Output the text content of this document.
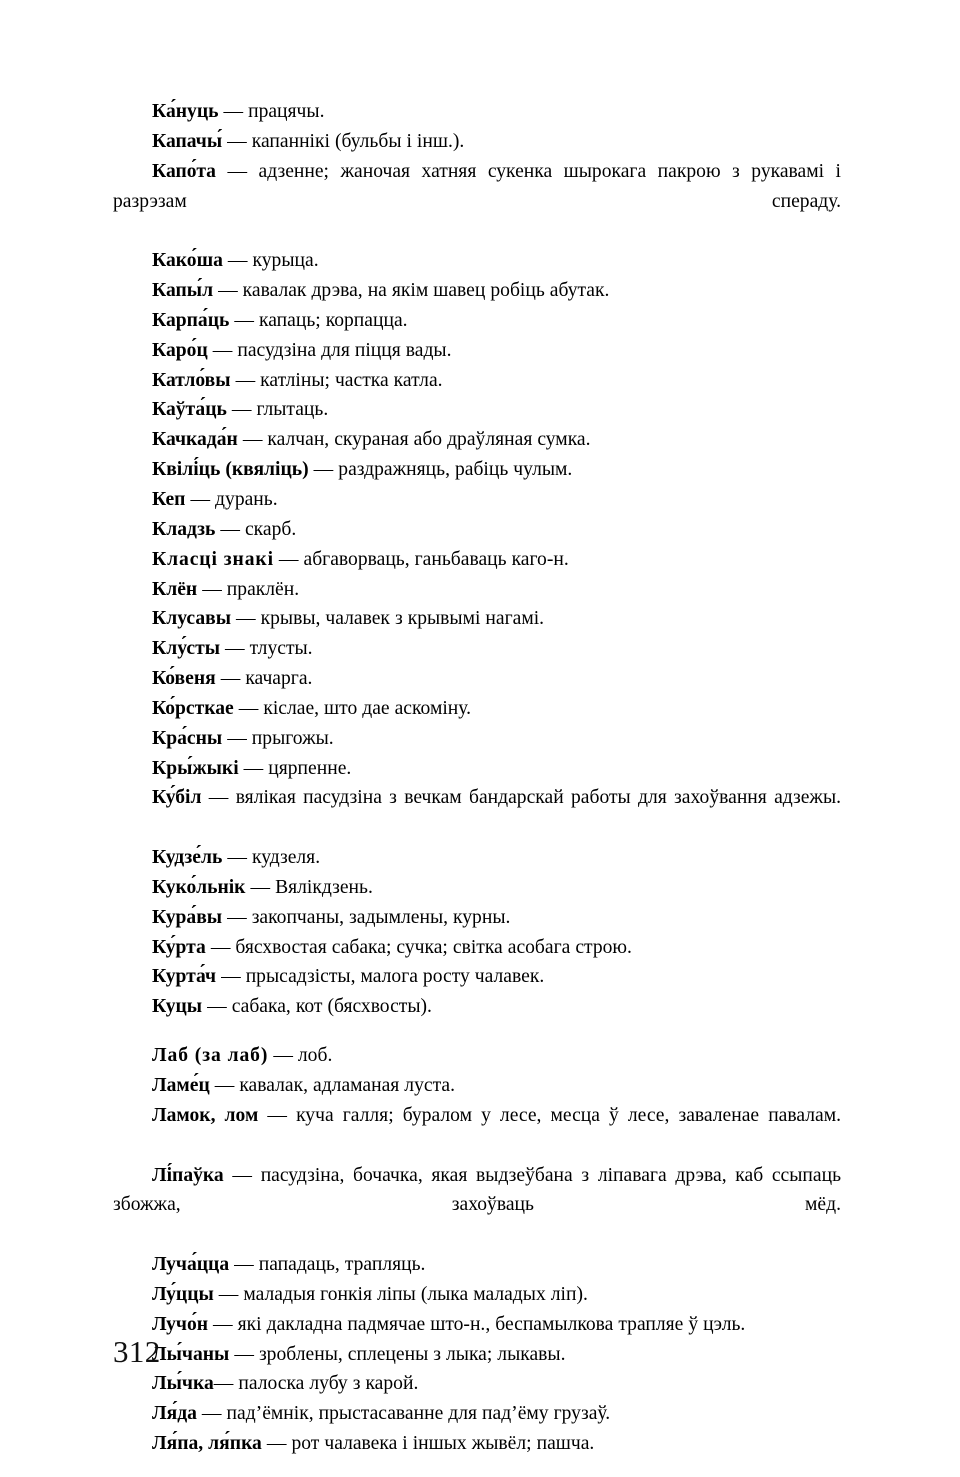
Ка́нуць — працячы.

Капачы́ — капаннікі (бульбы і інш.).

Капо́та — адзенне; жаночая хатняя сукенка шырокага пакрою з рукавамі і разрэзам спераду.

Како́ша — курыца.

Капы́л — кавалак дрэва, на якім шавец робіць абутак.

Карпа́ць — капаць; корпацца.

Каро́ц — пасудзіна для піцця вады.

Катло́вы — катліны; частка катла.

Каўта́ць — глытаць.

Качкада́н — калчан, скураная або драўляная сумка.

Квілі́ць (квяліць) — раздражняць, рабіць чулым.

Кеп — дурань.

Кладзь — скарб.

Класці знакі — абгаворваць, ганьбаваць каго-н.

Клён — праклён.

Клусавы — крывы, чалавек з крывымі нагамі.

Клу́сты — тлусты.

Ко́веня — качарга.

Ко́рсткае — кіслае, што дае аскоміну.

Кра́сны — прыгожы.

Кры́жыкі — цярпенне.

Ку́біл — вялікая пасудзіна з вечкам бандарскай работы для захоўвання адзежы.

Кудзе́ль — кудзеля.

Куко́льнік — Вялікдзень.

Кура́вы — закопчаны, задымлены, курны.

Ку́рта — бясхвостая сабака; сучка; світка асобага строю.

Курта́ч — прысадзісты, малога росту чалавек.

Куцы — сабака, кот (бясхвосты).

Лаб (за лаб) — лоб.

Ламе́ц — кавалак, адламаная луста.

Ламок, лом — куча галля; буралом у лесе, месца ў лесе, заваленае павалам.

Лі́паўка — пасудзіна, бочачка, якая выдзеўбана з ліпавага дрэва, каб ссыпаць збожжа, захоўваць мёд.

Луча́цца — пападаць, трапляць.

Лу́ццы — маладыя гонкія ліпы (лыка маладых ліп).

Лучо́н — які дакладна падмячае што-н., беспамылкова трапляе ў цэль.

Лы́чаны — зроблены, сплецены з лыка; лыкавы.

Лы́чка— палоска лубу з карой.

Ля́да — пад’ёмнік, прыстасаванне для пад’ёму грузаў.

Ля́па, ля́пка — рот чалавека і іншых жывёл; пашча.

312
